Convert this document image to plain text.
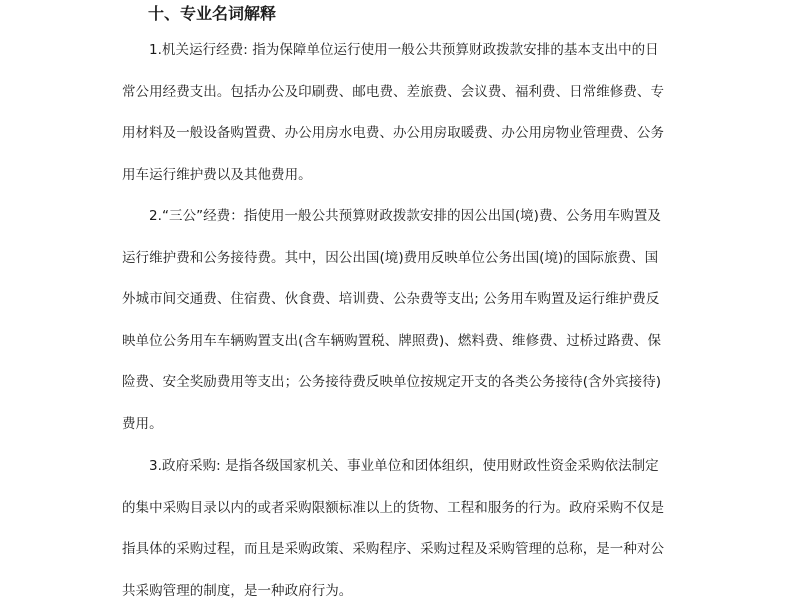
十、专业名词解释

1.机关运行经费: 指为保障单位运行使用一般公共预算财政拨款安排的基本支出中的日
常公用经费支出。包括办公及印刷费、邮电费、差旅费、会议费、福利费、日常维修费、专
用材料及一般设备购置费、办公用房水电费、办公用房取暖费、办公用房物业管理费、公务
用车运行维护费以及其他费用。

2.“三公”经费：指使用一般公共预算财政拨款安排的因公出国(境)费、公务用车购置及
运行维护费和公务接待费。其中，因公出国(境)费用反映单位公务出国(境)的国际旅费、国
外城市间交通费、住宿费、伙食费、培训费、公杂费等支出; 公务用车购置及运行维护费反
映单位公务用车车辆购置支出(含车辆购置税、牌照费)、燃料费、维修费、过桥过路费、保
险费、安全奖励费用等支出；公务接待费反映单位按规定开支的各类公务接待(含外宾接待)
费用。

3.政府采购: 是指各级国家机关、事业单位和团体组织，使用财政性资金采购依法制定
的集中采购目录以内的或者采购限额标准以上的货物、工程和服务的行为。政府采购不仅是
指具体的采购过程，而且是采购政策、采购程序、采购过程及采购管理的总称，是一种对公
共采购管理的制度，是一种政府行为。
